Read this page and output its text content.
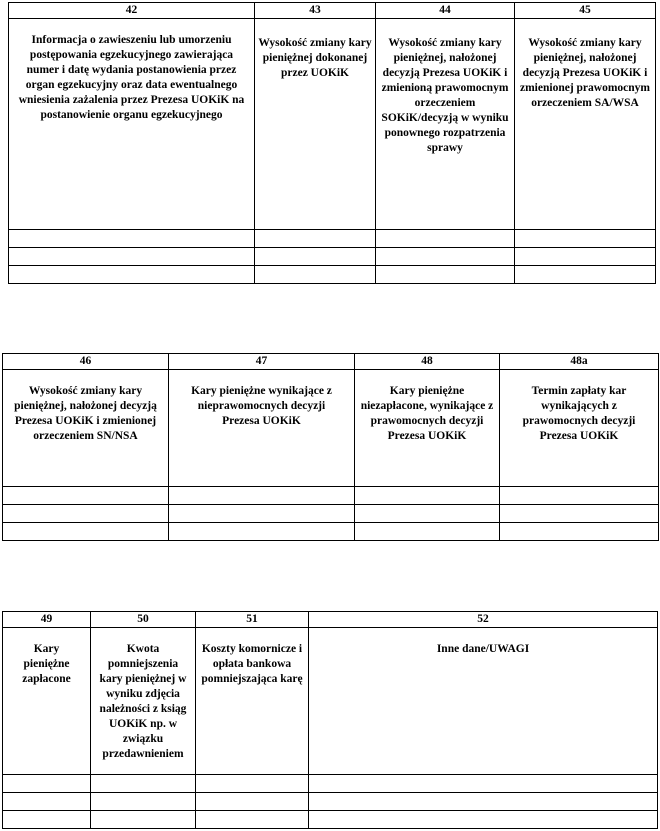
42	43	44	45

Informacja o zawieszeniu lub umorzeniu postępowania egzekucyjnego zawierająca numer i datę wydania postanowienia przez organ egzekucyjny oraz data ewentualnego wniesienia zażalenia przez Prezesa UOKiK na postanowienie organu egzekucyjnego	Wysokość zmiany kary pieniężnej dokonanej przez UOKiK	Wysokość zmiany kary pieniężnej, nałożonej decyzją Prezesa UOKiK i zmienioną prawomocnym orzeczeniem SOKiK/decyzją w wyniku ponownego rozpatrzenia sprawy	Wysokość zmiany kary pieniężnej, nałożonej decyzją Prezesa UOKiK i zmienionej prawomocnym orzeczeniem SA/WSA

46	47	48	48a

Wysokość zmiany kary pieniężnej, nałożonej decyzją Prezesa UOKiK i zmienionej orzeczeniem SN/NSA	Kary pieniężne wynikające z nieprawomocnych decyzji Prezesa UOKiK	Kary pieniężne niezapłacone, wynikające z prawomocnych decyzji Prezesa UOKiK	Termin zapłaty kar wynikających z prawomocnych decyzji Prezesa UOKiK

49	50	51	52

Kary pieniężne zapłacone	Kwota pomniejszenia kary pieniężnej w wyniku zdjęcia należności z ksiąg UOKiK np. w związku przedawnieniem	Koszty komornicze i opłata bankowa pomniejszająca karę	Inne dane/UWAGI
